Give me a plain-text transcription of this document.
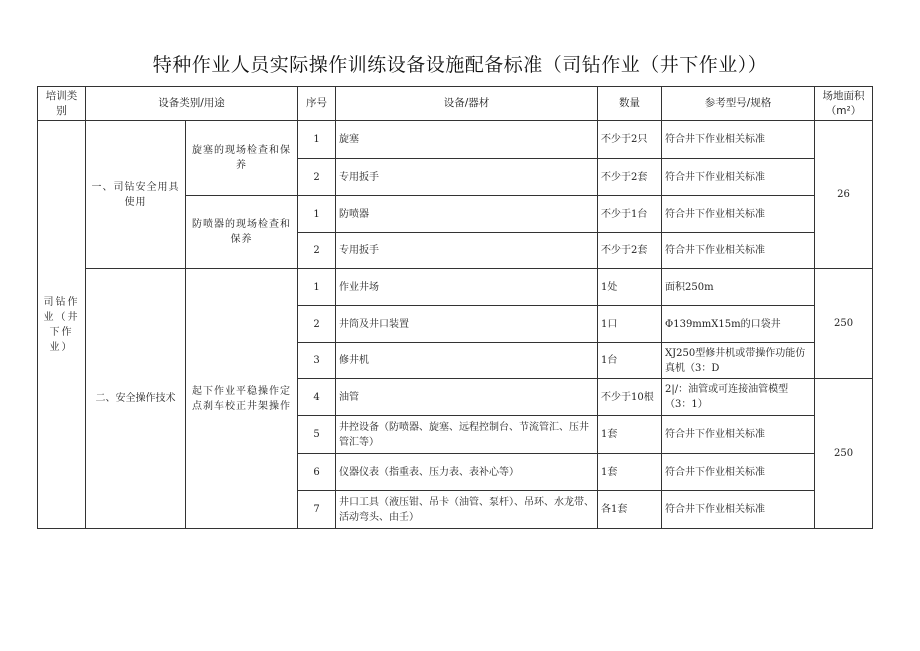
特种作业人员实际操作训练设备设施配备标准（司钻作业（井下作业））
培训类别	设备类别/用途		序号	设备/器材	数量	参考型号/规格	场地面积（m²）
司钻作业（井下作业）	一、司钻安全用具使用	旋塞的现场检查和保养	1	旋塞	不少于2只	符合井下作业相关标准	26
			2	专用扳手	不少于2套	符合井下作业相关标准	
		防喷器的现场检查和保养	1	防喷器	不少于1台	符合井下作业相关标准	
			2	专用扳手	不少于2套	符合井下作业相关标准	
	二、安全操作技术	起下作业平稳操作定点刹车校正井架操作	1	作业井场	1处	面积250m	250
			2	井筒及井口装置	1口	Φ139mmX15m的口袋井	
			3	修井机	1台	XJ250型修井机或带操作功能仿真机（3：D	
			4	油管	不少于10根	2|/：油管或可连接油管模型（3：1）	250
			5	井控设备（防喷器、旋塞、远程控制台、节流管汇、压井管汇等）	1套	符合井下作业相关标准	
			6	仪器仪表（指重表、压力表、表补心等）	1套	符合井下作业相关标准	
			7	井口工具（液压钳、吊卡（油管、泵杆）、吊环、水龙带、活动弯头、由壬）	各1套	符合井下作业相关标准	
